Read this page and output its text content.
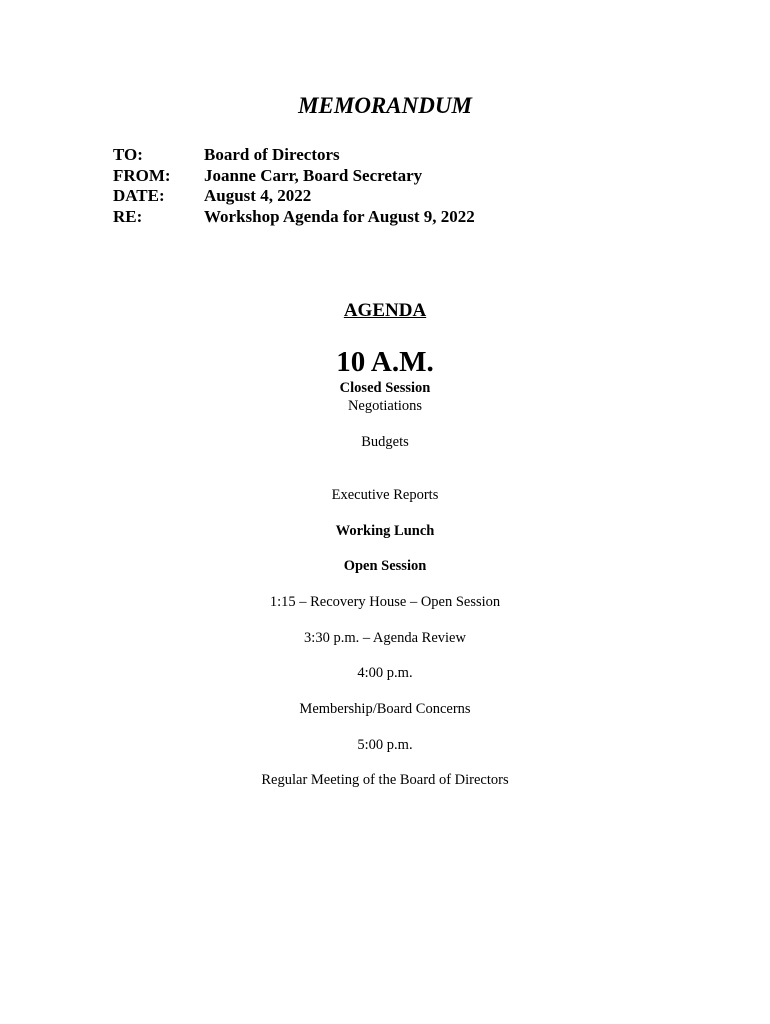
MEMORANDUM
TO:	Board of Directors
FROM:	Joanne Carr, Board Secretary
DATE:	August 4, 2022
RE:	Workshop Agenda for August 9, 2022
AGENDA
10 A.M.
Closed Session
Negotiations
Budgets
Executive Reports
Working Lunch
Open Session
1:15 – Recovery House – Open Session
3:30 p.m. – Agenda Review
4:00 p.m.
Membership/Board Concerns
5:00 p.m.
Regular Meeting of the Board of Directors
